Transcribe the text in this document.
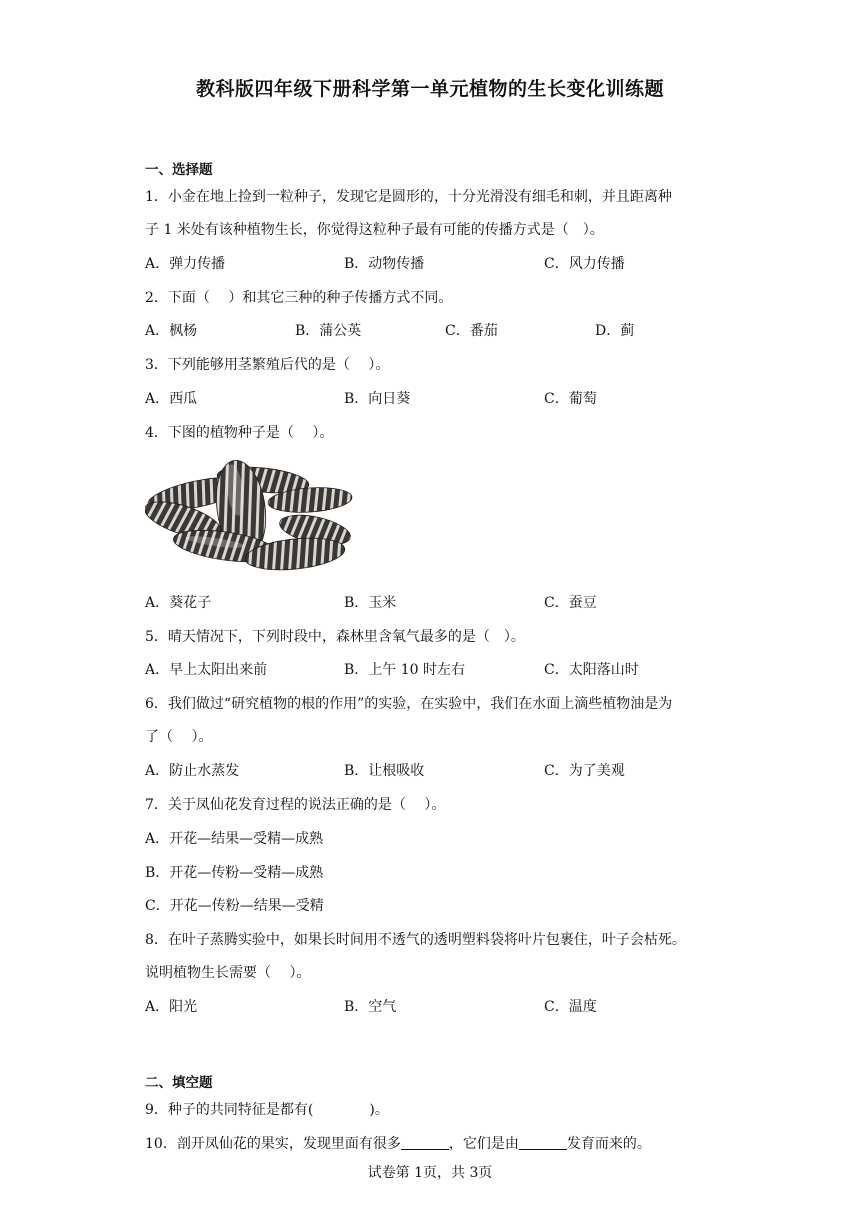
教科版四年级下册科学第一单元植物的生长变化训练题
一、选择题
1．小金在地上捡到一粒种子，发现它是圆形的，十分光滑没有细毛和刺，并且距离种
子 1 米处有该种植物生长，你觉得这粒种子最有可能的传播方式是（　）。
A．弹力传播	B．动物传播	C．风力传播
2．下面（　 ）和其它三种的种子传播方式不同。
A．枫杨	B．蒲公英	C．番茄	D．蓟
3．下列能够用茎繁殖后代的是（　 ）。
A．西瓜	B．向日葵	C．葡萄
4．下图的植物种子是（　 ）。
A．葵花子	B．玉米	C．蚕豆
5．晴天情况下，下列时段中，森林里含氧气最多的是（　）。
A．早上太阳出来前	B．上午 10 时左右	C．太阳落山时
6．我们做过“研究植物的根的作用”的实验，在实验中，我们在水面上滴些植物油是为
了（　 ）。
A．防止水蒸发	B．让根吸收	C．为了美观
7．关于凤仙花发育过程的说法正确的是（　 ）。
A．开花—结果—受精—成熟
B．开花—传粉—受精—成熟
C．开花—传粉—结果—受精
8．在叶子蒸腾实验中，如果长时间用不透气的透明塑料袋将叶片包裹住，叶子会枯死。
说明植物生长需要（　 ）。
A．阳光	B．空气	C．温度
二、填空题
9．种子的共同特征是都有(	)。
10．剖开凤仙花的果实，发现里面有很多	，它们是由	发育而来的。
试卷第 1页，共 3页
